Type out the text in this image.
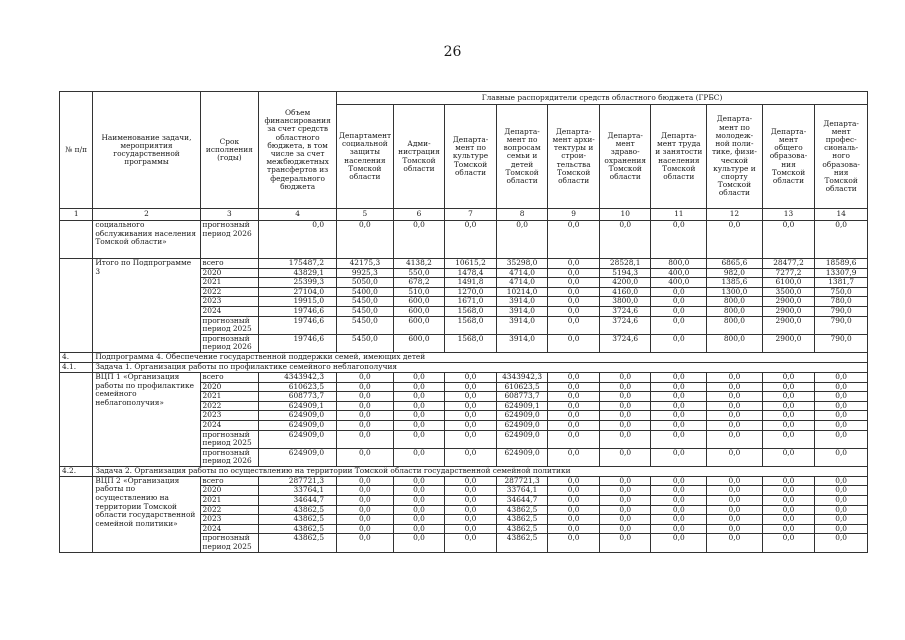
26
№ п/п	Наименование задачи, мероприятия государственной программы	Срок исполнения (годы)	Объем финансирования за счет средств областного бюджета, в том числе за счет межбюджетных трансфертов из федерального бюджета	Главные распорядители средств областного бюджета (ГРБС)									
				Департамент социальной защиты населения Томской области	Адми-нистрация Томской области	Департа-мент по культуре Томской области	Департа-мент по вопросам семьи и детей Томской области	Департа-мент архи-тектуры и строи-тельства Томской области	Департа-мент здраво-охранения Томской области	Департа-мент труда и занятости населения Томской области	Департа-мент по молодеж-ной поли-тике, физи-ческой культуре и спорту Томской области	Департа-мент общего образова-ния Томской области	Департа-мент профес-сиональ-ного образова-ния Томской области
1	2	3	4	5	6	7	8	9	10	11	12	13	14
	социального обслуживания населения Томской области»	прогнозный период 2026	0,0	0,0	0,0	0,0	0,0	0,0	0,0	0,0	0,0	0,0	0,0
	Итого по Подпрограмме 3	всего	175487,2	42175,3	4138,2	10615,2	35298,0	0,0	28528,1	800,0	6865,6	28477,2	18589,6
		2020	43829,1	9925,3	550,0	1478,4	4714,0	0,0	5194,3	400,0	982,0	7277,2	13307,9
		2021	25399,3	5050,0	678,2	1491,8	4714,0	0,0	4200,0	400,0	1385,6	6100,0	1381,7
		2022	27104,0	5400,0	510,0	1270,0	10214,0	0,0	4160,0	0,0	1300,0	3500,0	750,0
		2023	19915,0	5450,0	600,0	1671,0	3914,0	0,0	3800,0	0,0	800,0	2900,0	780,0
		2024	19746,6	5450,0	600,0	1568,0	3914,0	0,0	3724,6	0,0	800,0	2900,0	790,0
		прогнозный период 2025	19746,6	5450,0	600,0	1568,0	3914,0	0,0	3724,6	0,0	800,0	2900,0	790,0
		прогнозный период 2026	19746,6	5450,0	600,0	1568,0	3914,0	0,0	3724,6	0,0	800,0	2900,0	790,0
4.	Подпрограмма 4. Обеспечение государственной поддержки семей, имеющих детей												
4.1.	Задача 1. Организация работы по профилактике семейного неблагополучия												
	ВЦП 1 «Организация работы по профилактике семейного неблагополучия»	всего	4343942,3	0,0	0,0	0,0	4343942,3	0,0	0,0	0,0	0,0	0,0	0,0
		2020	610623,5	0,0	0,0	0,0	610623,5	0,0	0,0	0,0	0,0	0,0	0,0
		2021	608773,7	0,0	0,0	0,0	608773,7	0,0	0,0	0,0	0,0	0,0	0,0
		2022	624909,1	0,0	0,0	0,0	624909,1	0,0	0,0	0,0	0,0	0,0	0,0
		2023	624909,0	0,0	0,0	0,0	624909,0	0,0	0,0	0,0	0,0	0,0	0,0
		2024	624909,0	0,0	0,0	0,0	624909,0	0,0	0,0	0,0	0,0	0,0	0,0
		прогнозный период 2025	624909,0	0,0	0,0	0,0	624909,0	0,0	0,0	0,0	0,0	0,0	0,0
		прогнозный период 2026	624909,0	0,0	0,0	0,0	624909,0	0,0	0,0	0,0	0,0	0,0	0,0
4.2.	Задача 2. Организация работы по осуществлению на территории Томской области государственной семейной политики												
	ВЦП 2 «Организация работы по осуществлению на территории Томской области государственной семейной политики»	всего	287721,3	0,0	0,0	0,0	287721,3	0,0	0,0	0,0	0,0	0,0	0,0
		2020	33764,1	0,0	0,0	0,0	33764,1	0,0	0,0	0,0	0,0	0,0	0,0
		2021	34644,7	0,0	0,0	0,0	34644,7	0,0	0,0	0,0	0,0	0,0	0,0
		2022	43862,5	0,0	0,0	0,0	43862,5	0,0	0,0	0,0	0,0	0,0	0,0
		2023	43862,5	0,0	0,0	0,0	43862,5	0,0	0,0	0,0	0,0	0,0	0,0
		2024	43862,5	0,0	0,0	0,0	43862,5	0,0	0,0	0,0	0,0	0,0	0,0
		прогнозный период 2025	43862,5	0,0	0,0	0,0	43862,5	0,0	0,0	0,0	0,0	0,0	0,0
